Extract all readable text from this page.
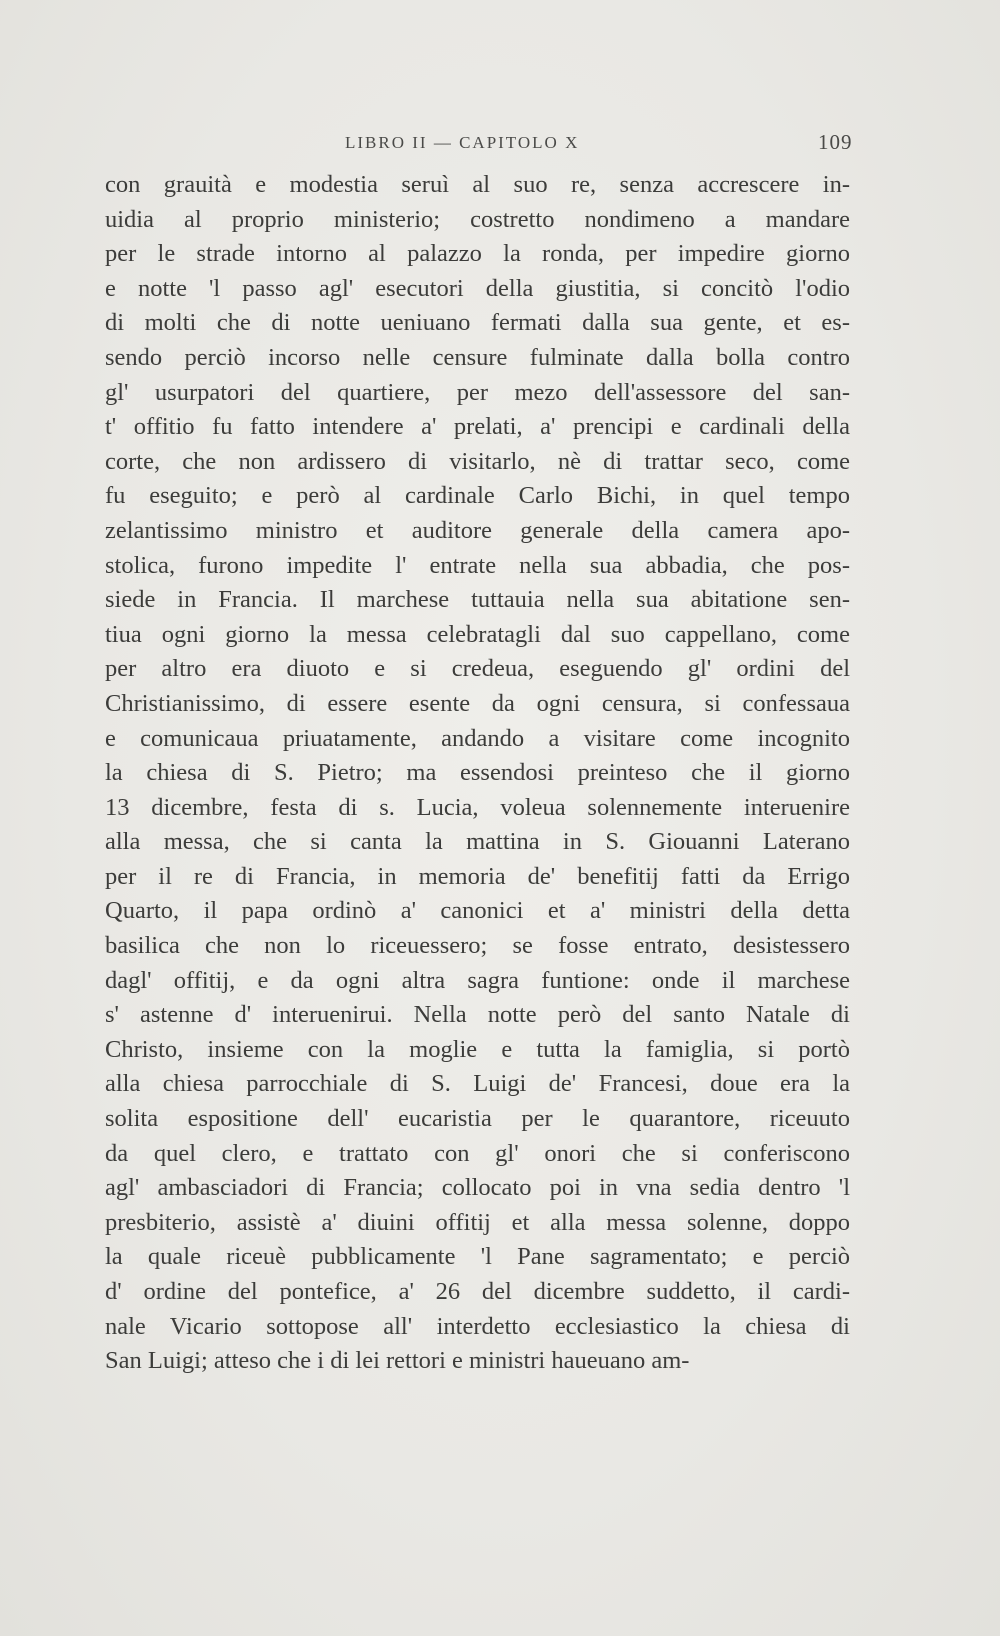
LIBRO II — CAPITOLO X	109
con grauità e modestia seruì al suo re, senza accrescere in-
uidia al proprio ministerio; costretto nondimeno a mandare
per le strade intorno al palazzo la ronda, per impedire giorno
e notte 'l passo agl' esecutori della giustitia, si concitò l'odio
di molti che di notte ueniuano fermati dalla sua gente, et es-
sendo perciò incorso nelle censure fulminate dalla bolla contro
gl' usurpatori del quartiere, per mezo dell'assessore del san-
t' offitio fu fatto intendere a' prelati, a' prencipi e cardinali della
corte, che non ardissero di visitarlo, nè di trattar seco, come
fu eseguito; e però al cardinale Carlo Bichi, in quel tempo
zelantissimo ministro et auditore generale della camera apo-
stolica, furono impedite l' entrate nella sua abbadia, che pos-
siede in Francia. Il marchese tuttauia nella sua abitatione sen-
tiua ogni giorno la messa celebratagli dal suo cappellano, come
per altro era diuoto e si credeua, eseguendo gl' ordini del
Christianissimo, di essere esente da ogni censura, si confessaua
e comunicaua priuatamente, andando a visitare come incognito
la chiesa di S. Pietro; ma essendosi preinteso che il giorno
13 dicembre, festa di s. Lucia, voleua solennemente interuenire
alla messa, che si canta la mattina in S. Giouanni Laterano
per il re di Francia, in memoria de' benefitij fatti da Errigo
Quarto, il papa ordinò a' canonici et a' ministri della detta
basilica che non lo riceuessero; se fosse entrato, desistessero
dagl' offitij, e da ogni altra sagra funtione: onde il marchese
s' astenne d' interuenirui. Nella notte però del santo Natale di
Christo, insieme con la moglie e tutta la famiglia, si portò
alla chiesa parrocchiale di S. Luigi de' Francesi, doue era la
solita espositione dell' eucaristia per le quarantore, riceuuto
da quel clero, e trattato con gl' onori che si conferiscono
agl' ambasciadori di Francia; collocato poi in vna sedia dentro 'l
presbiterio, assistè a' diuini offitij et alla messa solenne, doppo
la quale riceuè pubblicamente 'l Pane sagramentato; e perciò
d' ordine del pontefice, a' 26 del dicembre suddetto, il cardi-
nale Vicario sottopose all' interdetto ecclesiastico la chiesa di
San Luigi; atteso che i di lei rettori e ministri haueuano am-
